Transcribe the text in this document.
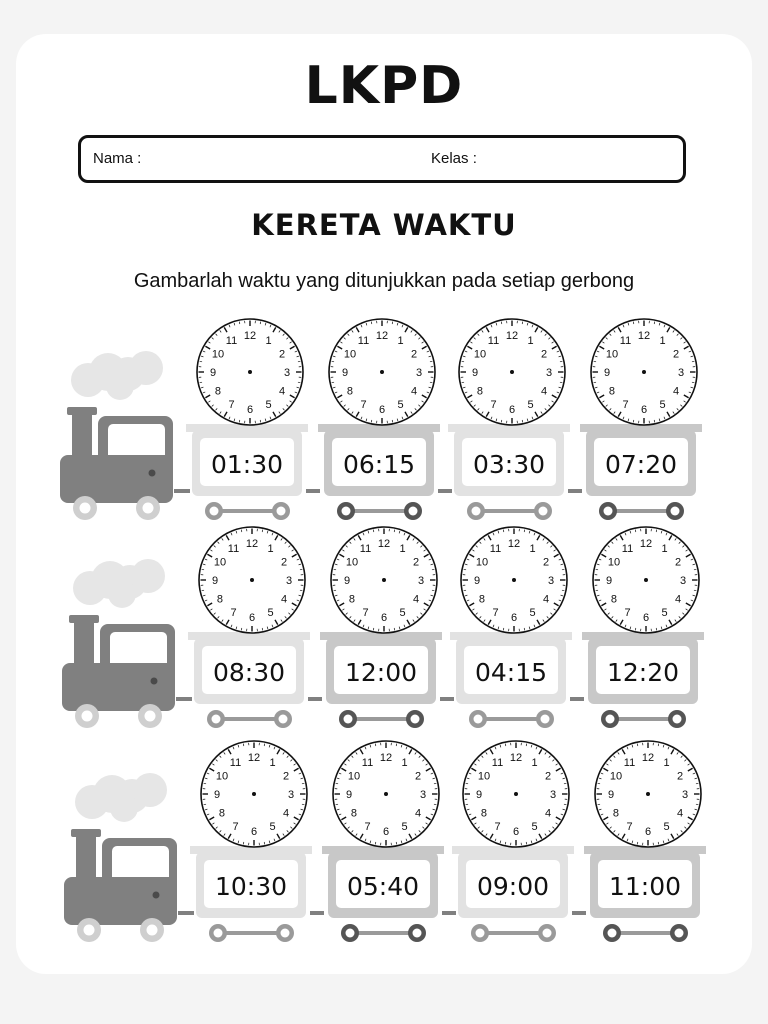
LKPD
Nama :	Kelas :
KERETA WAKTU
Gambarlah waktu yang ditunjukkan pada setiap gerbong
01:30
12 1
2
3
4
5
6
7
8
9
10
11
06:15
12 1
2
3
4
5
6
7
8
9
10
11
03:30
12 1
2
3
4
5
6
7
8
9
10
11
07:20
12 1
2
3
4
5
6
7
8
9
10
11
08:30
12 1
2
3
4
5
6
7
8
9
10
11
12:00
12 1
2
3
4
5
6
7
8
9
10
11
04:15
12 1
2
3
4
5
6
7
8
9
10
11
12:20
12 1
2
3
4
5
6
7
8
9
10
11
10:30
12 1
2
3
4
5
6
7
8
9
10
11
05:40
12 1
2
3
4
5
6
7
8
9
10
11
09:00
12 1
2
3
4
5
6
7
8
9
10
11
11:00
12 1
2
3
4
5
6
7
8
9
10
11
